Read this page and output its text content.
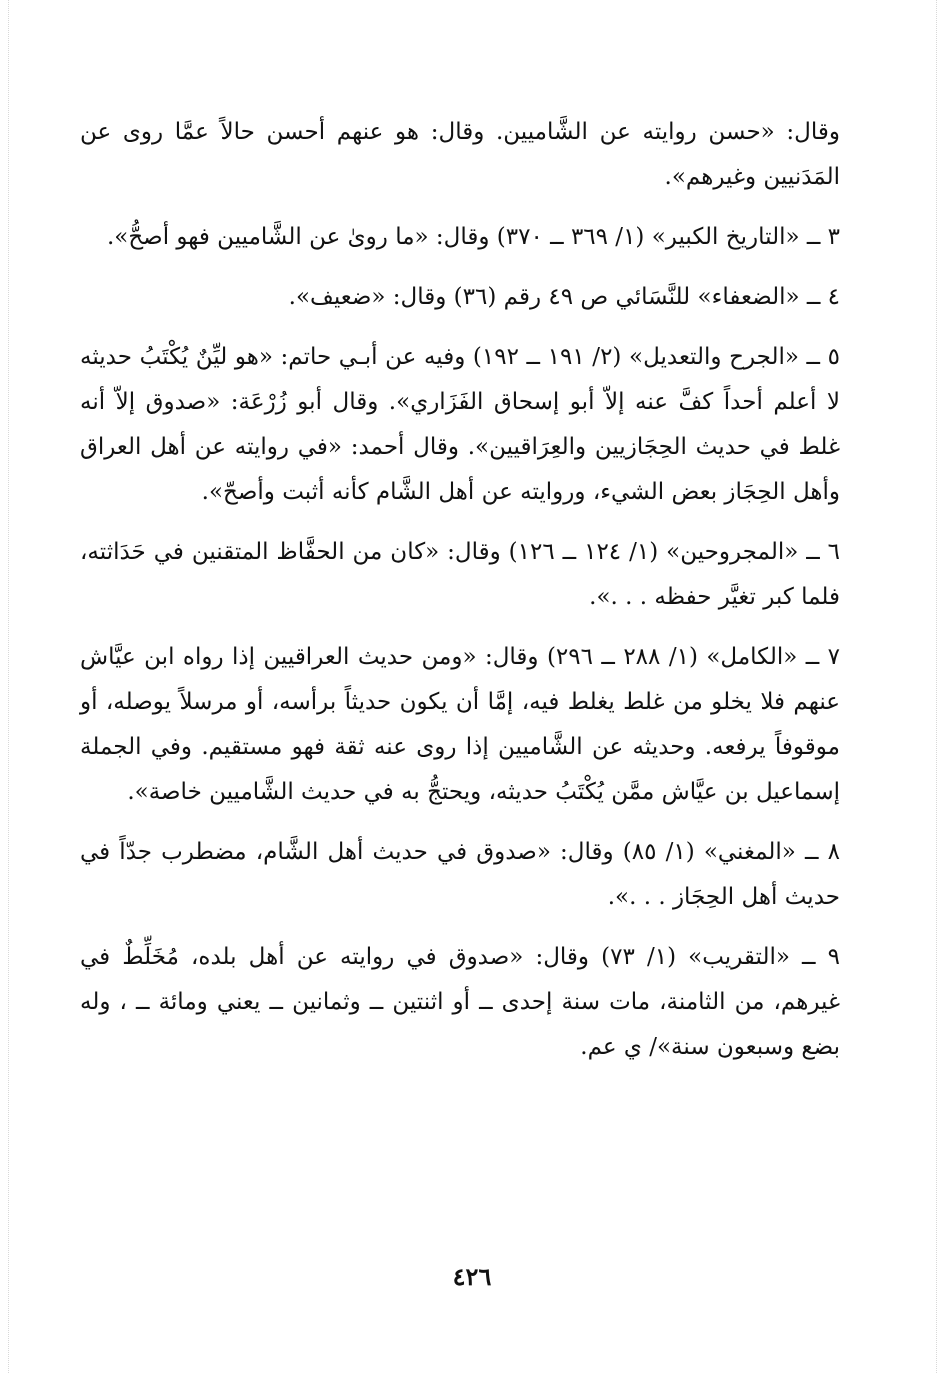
وقال: «حسن روايته عن الشَّاميين. وقال: هو عنهم أحسن حالاً عمَّا روى عن المَدَنيين وغيرهم».

٣ ــ «التاريخ الكبير» (١/ ٣٦٩ ــ ٣٧٠) وقال: «ما روىٰ عن الشَّاميين فهو أصحُّ».

٤ ــ «الضعفاء» للنَّسَائي ص ٤٩ رقم (٣٦) وقال: «ضعيف».

٥ ــ «الجرح والتعديل» (٢/ ١٩١ ــ ١٩٢) وفيه عن أبـي حاتم: «هو ليِّنٌ يُكْتَبُ حديثه لا أعلم أحداً كفَّ عنه إلاّ أبو إسحاق الفَزَاري». وقال أبو زُرْعَة: «صدوق إلاّ أنه غلط في حديث الحِجَازيين والعِرَاقيين». وقال أحمد: «في روايته عن أهل العراق وأهل الحِجَاز بعض الشيء، وروايته عن أهل الشَّام كأنه أثبت وأصحّ».

٦ ــ «المجروحين» (١/ ١٢٤ ــ ١٢٦) وقال: «كان من الحفَّاظ المتقنين في حَدَاثته، فلما كبر تغيَّر حفظه . . .».

٧ ــ «الكامل» (١/ ٢٨٨ ــ ٢٩٦) وقال: «ومن حديث العراقيين إذا رواه ابن عيَّاش عنهم فلا يخلو من غلط يغلط فيه، إمَّا أن يكون حديثاً برأسه، أو مرسلاً يوصله، أو موقوفاً يرفعه. وحديثه عن الشَّاميين إذا روى عنه ثقة فهو مستقيم. وفي الجملة إسماعيل بن عيَّاش ممَّن يُكْتَبُ حديثه، ويحتجُّ به في حديث الشَّاميين خاصة».

٨ ــ «المغني» (١/ ٨٥) وقال: «صدوق في حديث أهل الشَّام، مضطرب جدّاً في حديث أهل الحِجَاز . . .».

٩ ــ «التقريب» (١/ ٧٣) وقال: «صدوق في روايته عن أهل بلده، مُخَلِّطٌ في غيرهم، من الثامنة، مات سنة إحدى ــ أو اثنتين ــ وثمانين ــ يعني ومائة ــ ، وله بضع وسبعون سنة»/ ي عم.

٤٢٦
